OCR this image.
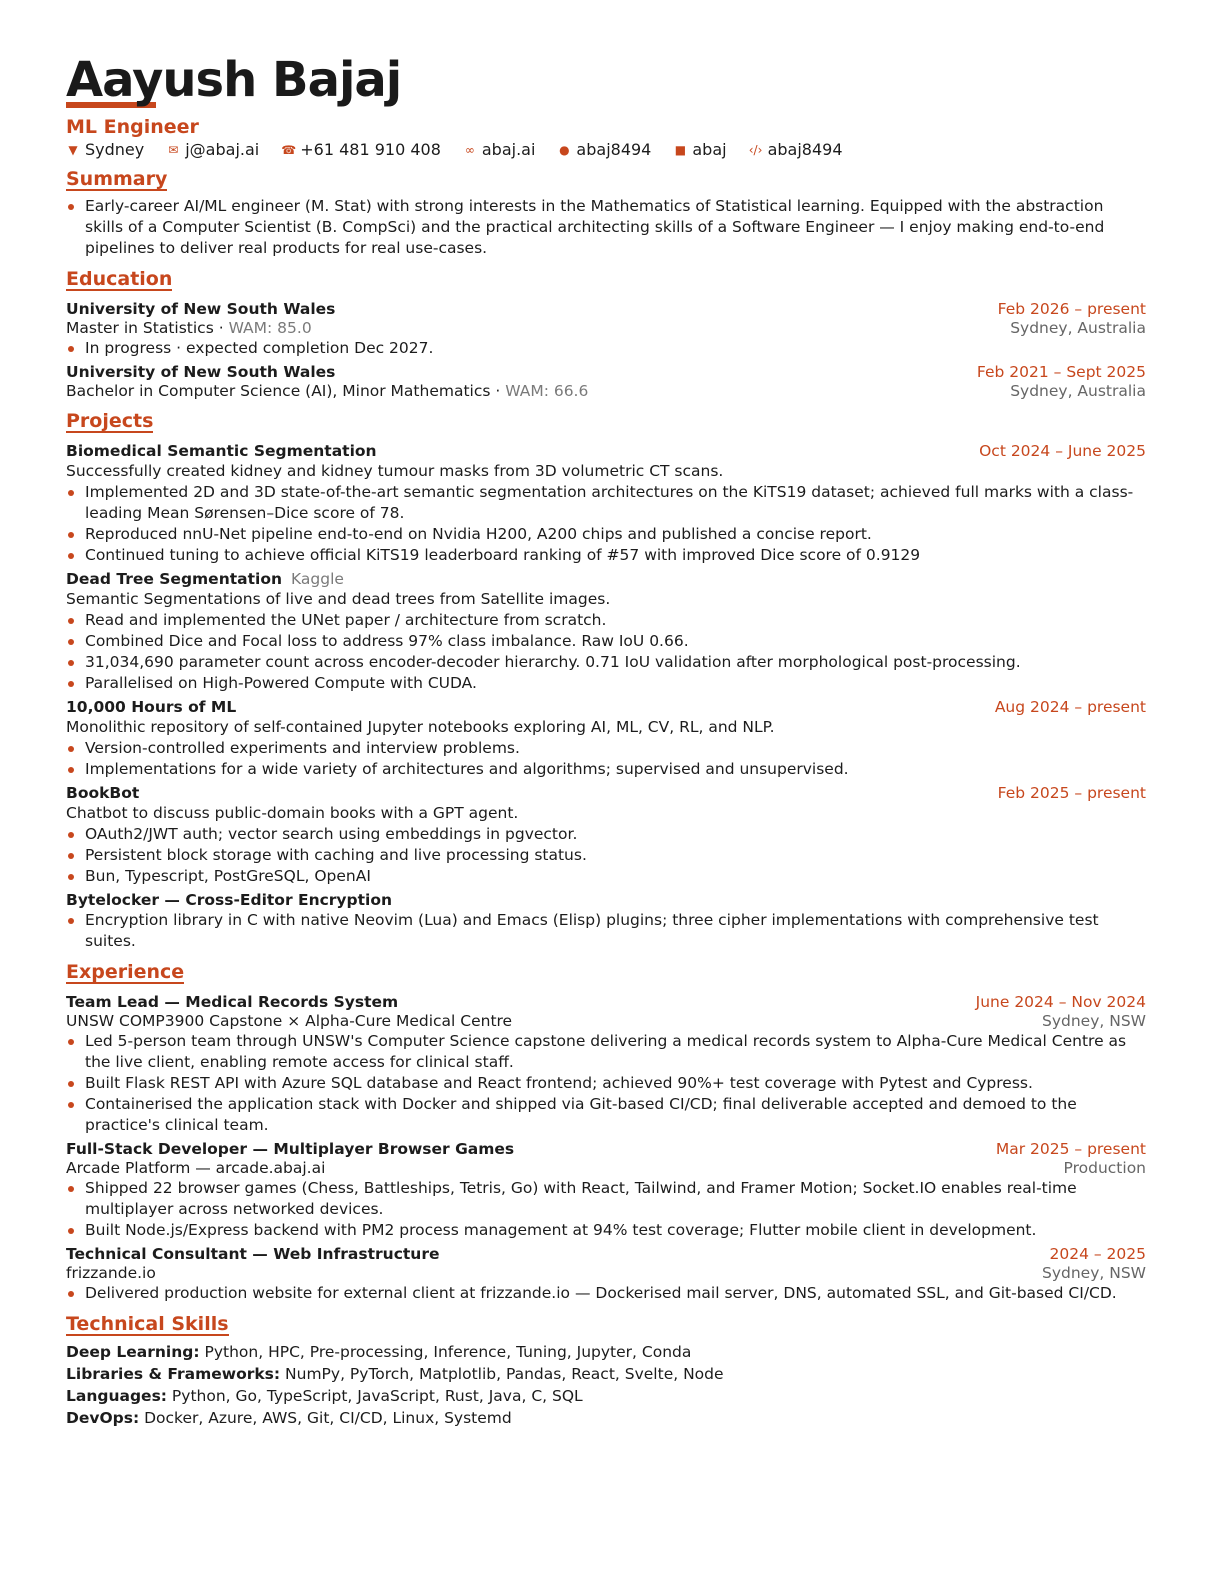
Aayush Bajaj
ML Engineer
▼ Sydney ✉ j@abaj.ai ☎ +61 481 910 408 ∞ abaj.ai ● abaj8494 ■ abaj ‹/› abaj8494
Summary
Early-career AI/ML engineer (M. Stat) with strong interests in the Mathematics of Statistical learning. Equipped with the abstraction skills of a Computer Scientist (B. CompSci) and the practical architecting skills of a Software Engineer — I enjoy making end-to-end pipelines to deliver real products for real use-cases.
Education
University of New South Wales	Feb 2026 – present
Master in Statistics · WAM: 85.0	Sydney, Australia
In progress · expected completion Dec 2027.
University of New South Wales	Feb 2021 – Sept 2025
Bachelor in Computer Science (AI), Minor Mathematics · WAM: 66.6	Sydney, Australia
Projects
Biomedical Semantic Segmentation	Oct 2024 – June 2025
Successfully created kidney and kidney tumour masks from 3D volumetric CT scans.
Implemented 2D and 3D state-of-the-art semantic segmentation architectures on the KiTS19 dataset; achieved full marks with a class-leading Mean Sørensen–Dice score of 78.
Reproduced nnU-Net pipeline end-to-end on Nvidia H200, A200 chips and published a concise report.
Continued tuning to achieve official KiTS19 leaderboard ranking of #57 with improved Dice score of 0.9129
Dead Tree Segmentation Kaggle
Semantic Segmentations of live and dead trees from Satellite images.
Read and implemented the UNet paper / architecture from scratch.
Combined Dice and Focal loss to address 97% class imbalance. Raw IoU 0.66.
31,034,690 parameter count across encoder-decoder hierarchy. 0.71 IoU validation after morphological post-processing.
Parallelised on High-Powered Compute with CUDA.
10,000 Hours of ML	Aug 2024 – present
Monolithic repository of self-contained Jupyter notebooks exploring AI, ML, CV, RL, and NLP.
Version-controlled experiments and interview problems.
Implementations for a wide variety of architectures and algorithms; supervised and unsupervised.
BookBot	Feb 2025 – present
Chatbot to discuss public-domain books with a GPT agent.
OAuth2/JWT auth; vector search using embeddings in pgvector.
Persistent block storage with caching and live processing status.
Bun, Typescript, PostGreSQL, OpenAI
Bytelocker — Cross-Editor Encryption
Encryption library in C with native Neovim (Lua) and Emacs (Elisp) plugins; three cipher implementations with comprehensive test suites.
Experience
Team Lead — Medical Records System	June 2024 – Nov 2024
UNSW COMP3900 Capstone × Alpha-Cure Medical Centre	Sydney, NSW
Led 5-person team through UNSW's Computer Science capstone delivering a medical records system to Alpha-Cure Medical Centre as the live client, enabling remote access for clinical staff.
Built Flask REST API with Azure SQL database and React frontend; achieved 90%+ test coverage with Pytest and Cypress.
Containerised the application stack with Docker and shipped via Git-based CI/CD; final deliverable accepted and demoed to the practice's clinical team.
Full-Stack Developer — Multiplayer Browser Games	Mar 2025 – present
Arcade Platform — arcade.abaj.ai	Production
Shipped 22 browser games (Chess, Battleships, Tetris, Go) with React, Tailwind, and Framer Motion; Socket.IO enables real-time multiplayer across networked devices.
Built Node.js/Express backend with PM2 process management at 94% test coverage; Flutter mobile client in development.
Technical Consultant — Web Infrastructure	2024 – 2025
frizzande.io	Sydney, NSW
Delivered production website for external client at frizzande.io — Dockerised mail server, DNS, automated SSL, and Git-based CI/CD.
Technical Skills
Deep Learning: Python, HPC, Pre-processing, Inference, Tuning, Jupyter, Conda
Libraries & Frameworks: NumPy, PyTorch, Matplotlib, Pandas, React, Svelte, Node
Languages: Python, Go, TypeScript, JavaScript, Rust, Java, C, SQL
DevOps: Docker, Azure, AWS, Git, CI/CD, Linux, Systemd
